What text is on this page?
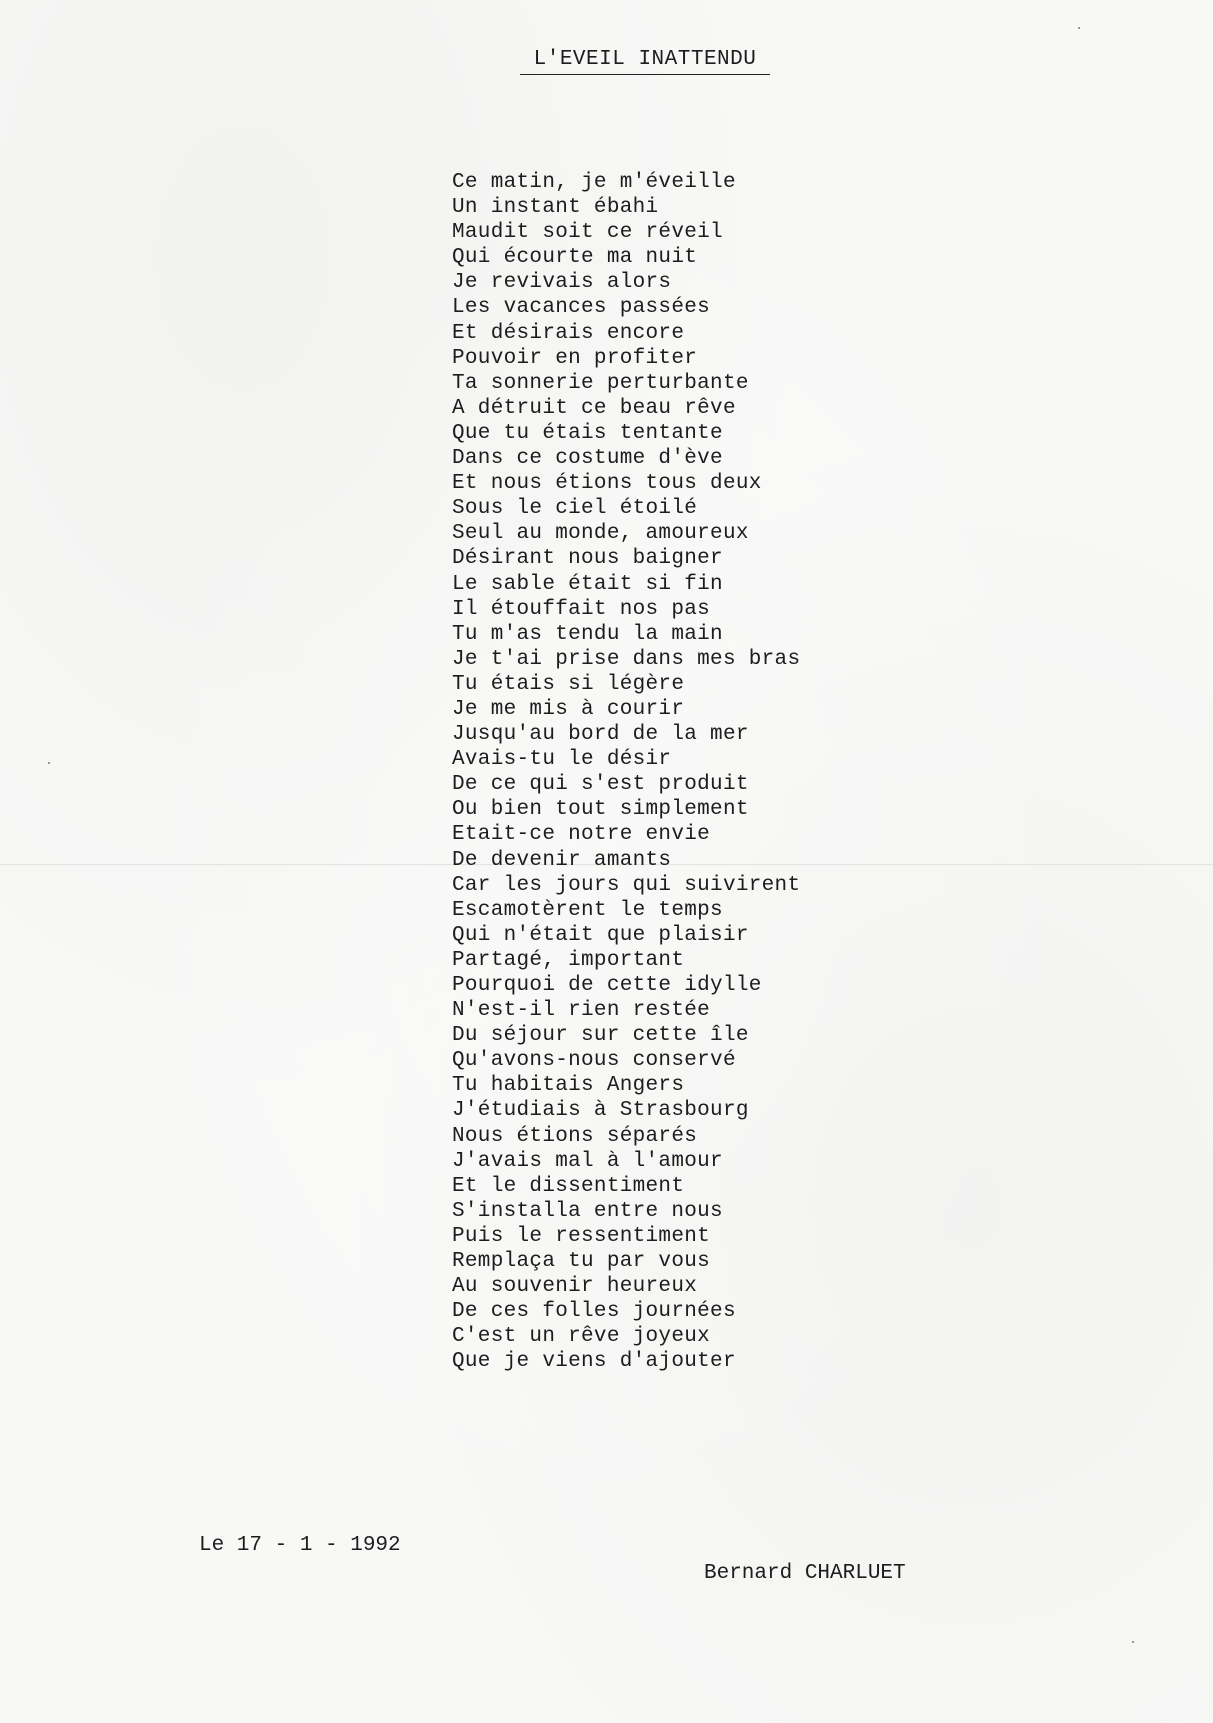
L'EVEIL INATTENDU
Ce matin, je m'éveille
Un instant ébahi
Maudit soit ce réveil
Qui écourte ma nuit
Je revivais alors
Les vacances passées
Et désirais encore
Pouvoir en profiter
Ta sonnerie perturbante
A détruit ce beau rêve
Que tu étais tentante
Dans ce costume d'ève
Et nous étions tous deux
Sous le ciel étoilé
Seul au monde, amoureux
Désirant nous baigner
Le sable était si fin
Il étouffait nos pas
Tu m'as tendu la main
Je t'ai prise dans mes bras
Tu étais si légère
Je me mis à courir
Jusqu'au bord de la mer
Avais-tu le désir
De ce qui s'est produit
Ou bien tout simplement
Etait-ce notre envie
De devenir amants
Car les jours qui suivirent
Escamotèrent le temps
Qui n'était que plaisir
Partagé, important
Pourquoi de cette idylle
N'est-il rien restée
Du séjour sur cette île
Qu'avons-nous conservé
Tu habitais Angers
J'étudiais à Strasbourg
Nous étions séparés
J'avais mal à l'amour
Et le dissentiment
S'installa entre nous
Puis le ressentiment
Remplaça tu par vous
Au souvenir heureux
De ces folles journées
C'est un rêve joyeux
Que je viens d'ajouter
Le 17 - 1 - 1992
Bernard CHARLUET
